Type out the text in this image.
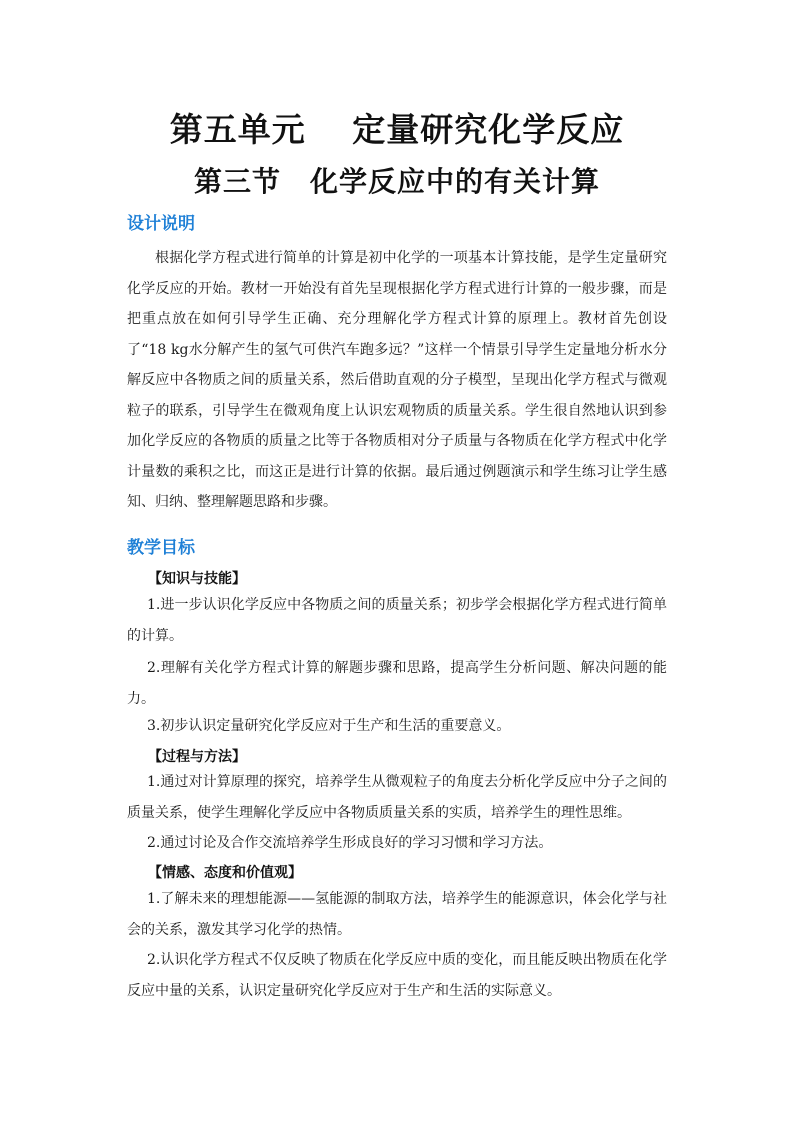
第五单元　 定量研究化学反应
第三节　化学反应中的有关计算
设计说明
根据化学方程式进行简单的计算是初中化学的一项基本计算技能，是学生定量研究化学反应的开始。教材一开始没有首先呈现根据化学方程式进行计算的一般步骤，而是把重点放在如何引导学生正确、充分理解化学方程式计算的原理上。教材首先创设了“18 kg水分解产生的氢气可供汽车跑多远？”这样一个情景引导学生定量地分析水分解反应中各物质之间的质量关系，然后借助直观的分子模型，呈现出化学方程式与微观粒子的联系，引导学生在微观角度上认识宏观物质的质量关系。学生很自然地认识到参加化学反应的各物质的质量之比等于各物质相对分子质量与各物质在化学方程式中化学计量数的乘积之比，而这正是进行计算的依据。最后通过例题演示和学生练习让学生感知、归纳、整理解题思路和步骤。
教学目标
【知识与技能】
1.进一步认识化学反应中各物质之间的质量关系；初步学会根据化学方程式进行简单的计算。
2.理解有关化学方程式计算的解题步骤和思路，提高学生分析问题、解决问题的能力。
3.初步认识定量研究化学反应对于生产和生活的重要意义。
【过程与方法】
1.通过对计算原理的探究，培养学生从微观粒子的角度去分析化学反应中分子之间的质量关系，使学生理解化学反应中各物质质量关系的实质，培养学生的理性思维。
2.通过讨论及合作交流培养学生形成良好的学习习惯和学习方法。
【情感、态度和价值观】
1.了解未来的理想能源——氢能源的制取方法，培养学生的能源意识，体会化学与社会的关系，激发其学习化学的热情。
2.认识化学方程式不仅反映了物质在化学反应中质的变化，而且能反映出物质在化学反应中量的关系，认识定量研究化学反应对于生产和生活的实际意义。
